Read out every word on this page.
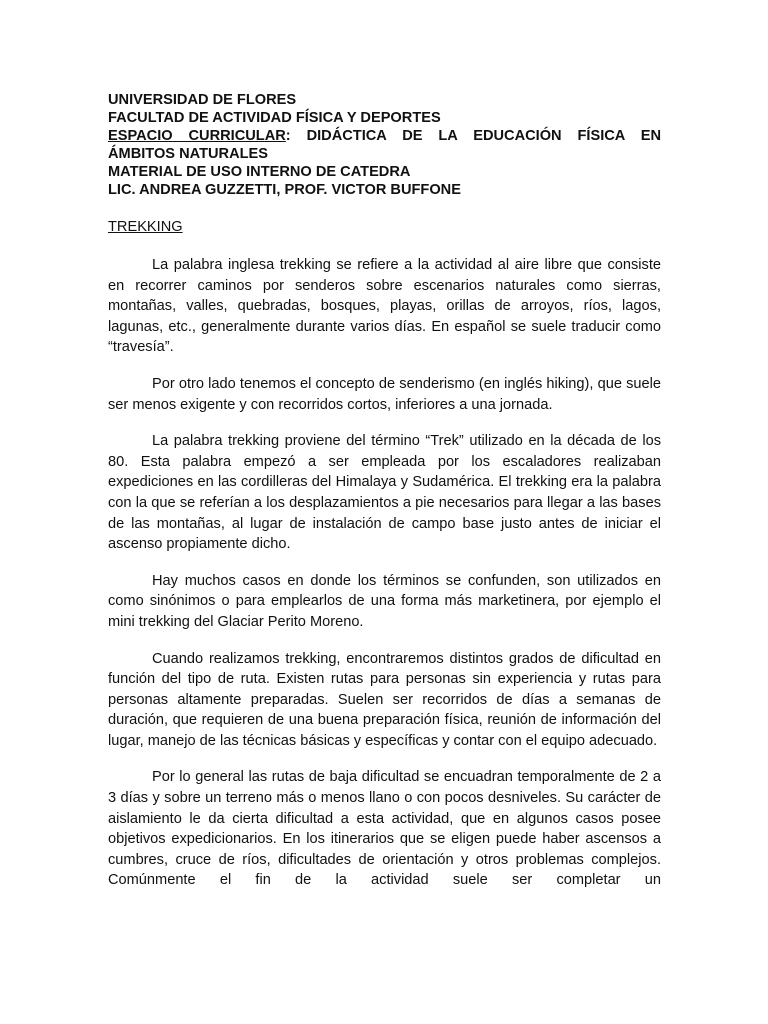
UNIVERSIDAD DE FLORES
FACULTAD DE ACTIVIDAD FÍSICA Y DEPORTES
ESPACIO CURRICULAR: DIDÁCTICA DE LA EDUCACIÓN FÍSICA EN
ÁMBITOS NATURALES
MATERIAL DE USO INTERNO DE CATEDRA
LIC. ANDREA GUZZETTI, PROF. VICTOR BUFFONE
TREKKING

La palabra inglesa trekking se refiere a la actividad al aire libre que consiste en recorrer caminos por senderos sobre escenarios naturales como sierras, montañas, valles, quebradas, bosques, playas, orillas de arroyos, ríos, lagos, lagunas, etc., generalmente durante varios días. En español se suele traducir como “travesía”.

Por otro lado tenemos el concepto de senderismo (en inglés hiking), que suele ser menos exigente y con recorridos cortos, inferiores a una jornada.

La palabra trekking proviene del término “Trek” utilizado en la década de los 80. Esta palabra empezó a ser empleada por los escaladores realizaban expediciones en las cordilleras del Himalaya y Sudamérica. El trekking era la palabra con la que se referían a los desplazamientos a pie necesarios para llegar a las bases de las montañas, al lugar de instalación de campo base justo antes de iniciar el ascenso propiamente dicho.

Hay muchos casos en donde los términos se confunden, son utilizados en como sinónimos o para emplearlos de una forma más marketinera, por ejemplo el mini trekking del Glaciar Perito Moreno.

Cuando realizamos trekking, encontraremos distintos grados de dificultad en función del tipo de ruta. Existen rutas para personas sin experiencia y rutas para personas altamente preparadas. Suelen ser recorridos de días a semanas de duración, que requieren de una buena preparación física, reunión de información del lugar, manejo de las técnicas básicas y específicas y contar con el equipo adecuado.

Por lo general las rutas de baja dificultad se encuadran temporalmente de 2 a 3 días y sobre un terreno más o menos llano o con pocos desniveles. Su carácter de aislamiento le da cierta dificultad a esta actividad, que en algunos casos posee objetivos expedicionarios. En los itinerarios que se eligen puede haber ascensos a cumbres, cruce de ríos, dificultades de orientación y otros problemas complejos. Comúnmente el fin de la actividad suele ser completar un
